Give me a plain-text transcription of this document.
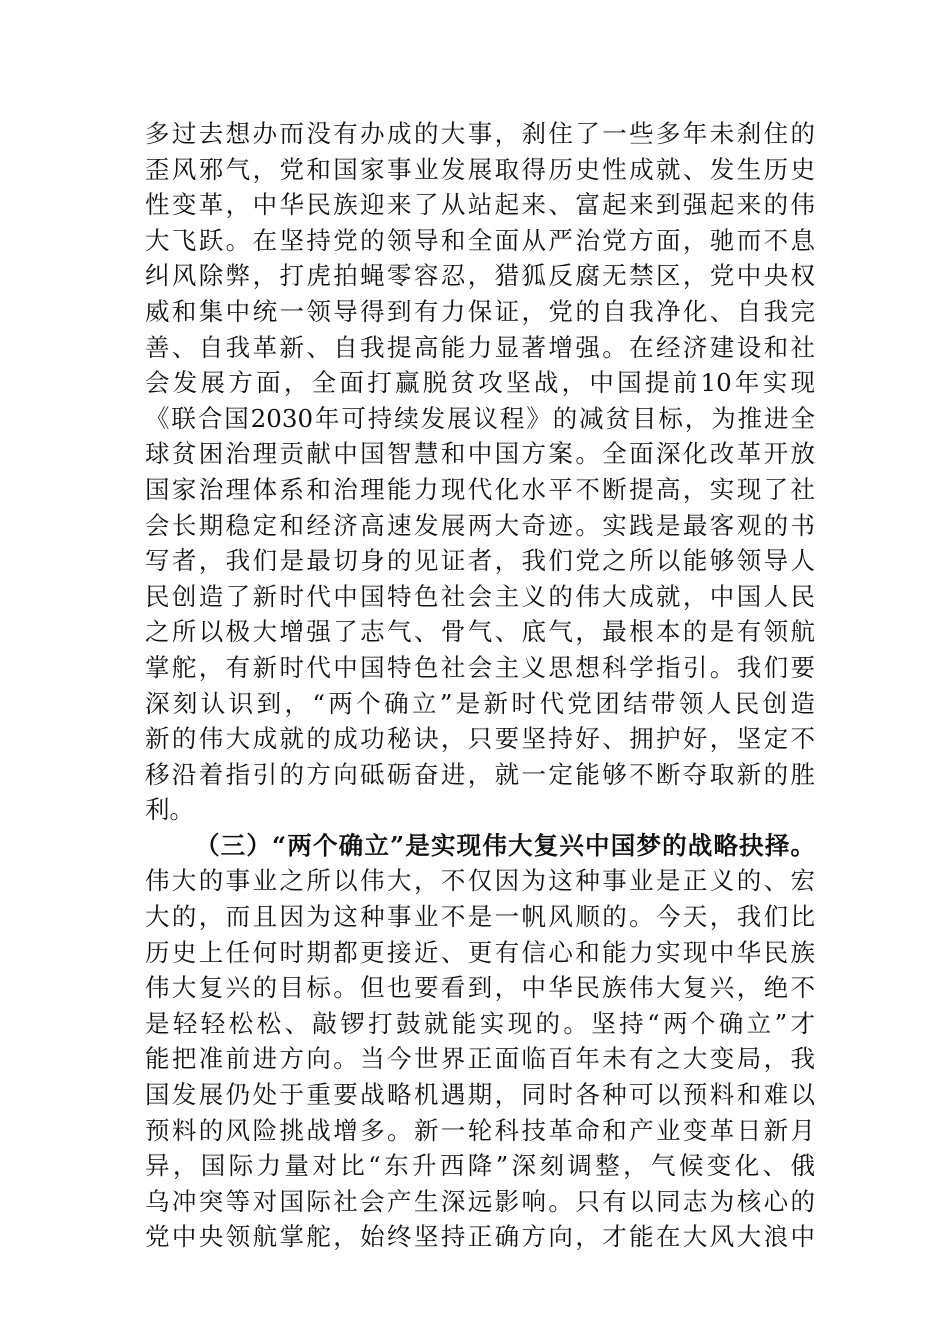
多过去想办而没有办成的大事，刹住了一些多年未刹住的
歪风邪气，党和国家事业发展取得历史性成就、发生历史
性变革，中华民族迎来了从站起来、富起来到强起来的伟
大飞跃。在坚持党的领导和全面从严治党方面，驰而不息
纠风除弊，打虎拍蝇零容忍，猎狐反腐无禁区，党中央权
威和集中统一领导得到有力保证，党的自我净化、自我完
善、自我革新、自我提高能力显著增强。在经济建设和社
会发展方面，全面打赢脱贫攻坚战，中国提前10年实现
《联合国2030年可持续发展议程》的减贫目标，为推进全
球贫困治理贡献中国智慧和中国方案。全面深化改革开放
国家治理体系和治理能力现代化水平不断提高，实现了社
会长期稳定和经济高速发展两大奇迹。实践是最客观的书
写者，我们是最切身的见证者，我们党之所以能够领导人
民创造了新时代中国特色社会主义的伟大成就，中国人民
之所以极大增强了志气、骨气、底气，最根本的是有领航
掌舵，有新时代中国特色社会主义思想科学指引。我们要
深刻认识到，“两个确立”是新时代党团结带领人民创造
新的伟大成就的成功秘诀，只要坚持好、拥护好，坚定不
移沿着指引的方向砥砺奋进，就一定能够不断夺取新的胜
利。
（三）“两个确立”是实现伟大复兴中国梦的战略抉择。
伟大的事业之所以伟大，不仅因为这种事业是正义的、宏
大的，而且因为这种事业不是一帆风顺的。今天，我们比
历史上任何时期都更接近、更有信心和能力实现中华民族
伟大复兴的目标。但也要看到，中华民族伟大复兴，绝不
是轻轻松松、敲锣打鼓就能实现的。坚持“两个确立”才
能把准前进方向。当今世界正面临百年未有之大变局，我
国发展仍处于重要战略机遇期，同时各种可以预料和难以
预料的风险挑战增多。新一轮科技革命和产业变革日新月
异，国际力量对比“东升西降”深刻调整，气候变化、俄
乌冲突等对国际社会产生深远影响。只有以同志为核心的
党中央领航掌舵，始终坚持正确方向，才能在大风大浪中
